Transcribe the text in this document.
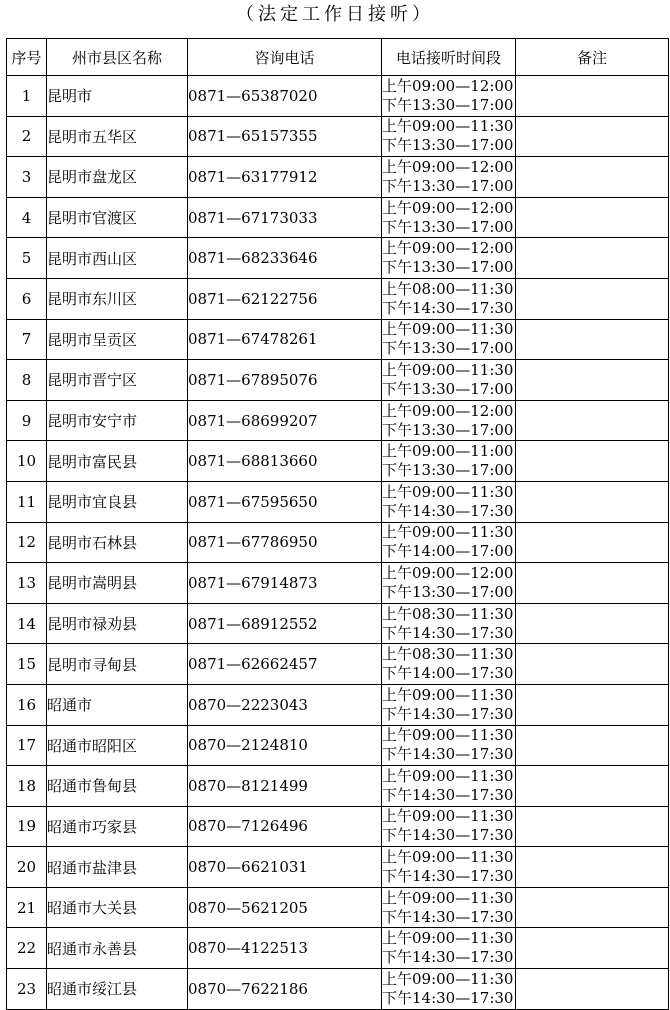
（法定工作日接听）
序号	州市县区名称	咨询电话	电话接听时间段	备注
1	昆明市	0871—65387020	上午09:00—12:00
下午13:30—17:00	

2	昆明市五华区	0871—65157355	上午09:00—11:30
下午13:30—17:00	

3	昆明市盘龙区	0871—63177912	上午09:00—12:00
下午13:30—17:00	

4	昆明市官渡区	0871—67173033	上午09:00—12:00
下午13:30—17:00	

5	昆明市西山区	0871—68233646	上午09:00—12:00
下午13:30—17:00	

6	昆明市东川区	0871—62122756	上午08:00—11:30
下午14:30—17:30	

7	昆明市呈贡区	0871—67478261	上午09:00—11:30
下午13:30—17:00	

8	昆明市晋宁区	0871—67895076	上午09:00—11:30
下午13:30—17:00	

9	昆明市安宁市	0871—68699207	上午09:00—12:00
下午13:30—17:00	

10	昆明市富民县	0871—68813660	上午09:00—11:00
下午13:30—17:00	

11	昆明市宜良县	0871—67595650	上午09:00—11:30
下午14:30—17:30	

12	昆明市石林县	0871—67786950	上午09:00—11:30
下午14:00—17:00	

13	昆明市嵩明县	0871—67914873	上午09:00—12:00
下午13:30—17:00	

14	昆明市禄劝县	0871—68912552	上午08:30—11:30
下午14:30—17:30	

15	昆明市寻甸县	0871—62662457	上午08:30—11:30
下午14:00—17:30	

16	昭通市	0870—2223043	上午09:00—11:30
下午14:30—17:30	

17	昭通市昭阳区	0870—2124810	上午09:00—11:30
下午14:30—17:30	

18	昭通市鲁甸县	0870—8121499	上午09:00—11:30
下午14:30—17:30	

19	昭通市巧家县	0870—7126496	上午09:00—11:30
下午14:30—17:30	

20	昭通市盐津县	0870—6621031	上午09:00—11:30
下午14:30—17:30	

21	昭通市大关县	0870—5621205	上午09:00—11:30
下午14:30—17:30	

22	昭通市永善县	0870—4122513	上午09:00—11:30
下午14:30—17:30	

23	昭通市绥江县	0870—7622186	上午09:00—11:30
下午14:30—17:30	
